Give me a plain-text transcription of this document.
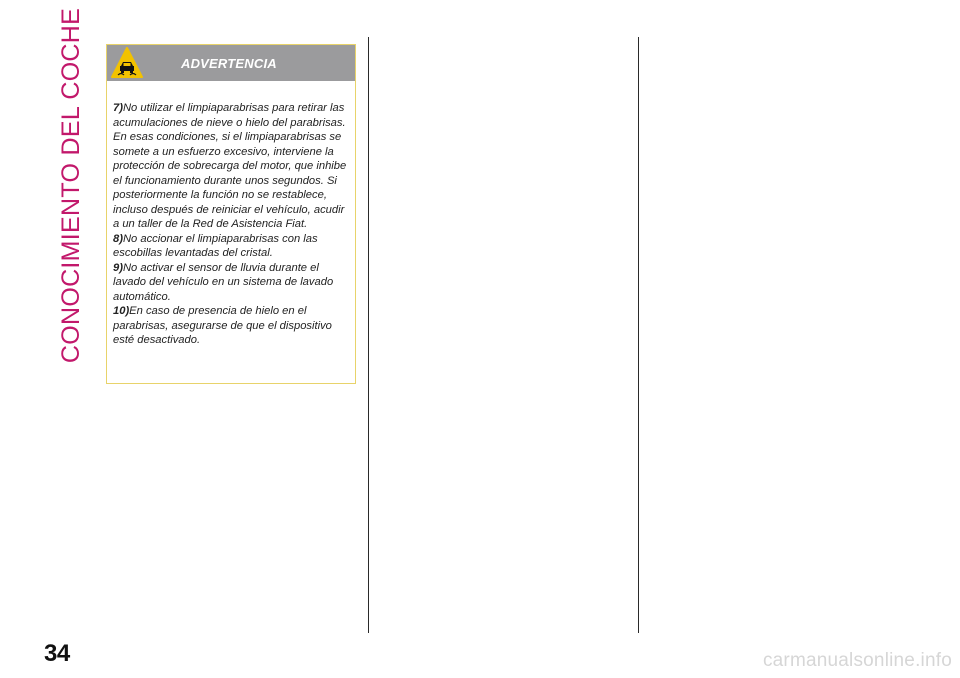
CONOCIMIENTO DEL COCHE	ADVERTENCIA

7)No utilizar el limpiaparabrisas para retirar las acumulaciones de nieve o hielo del parabrisas. En esas condiciones, si el limpiaparabrisas se somete a un esfuerzo excesivo, interviene la protección de sobrecarga del motor, que inhibe el funcionamiento durante unos segundos. Si posteriormente la función no se restablece, incluso después de reiniciar el vehículo, acudir a un taller de la Red de Asistencia Fiat.

8)No accionar el limpiaparabrisas con las escobillas levantadas del cristal.

9)No activar el sensor de lluvia durante el lavado del vehículo en un sistema de lavado automático.

10)En caso de presencia de hielo en el parabrisas, asegurarse de que el dispositivo esté desactivado.

34	carmanualsonline.info
